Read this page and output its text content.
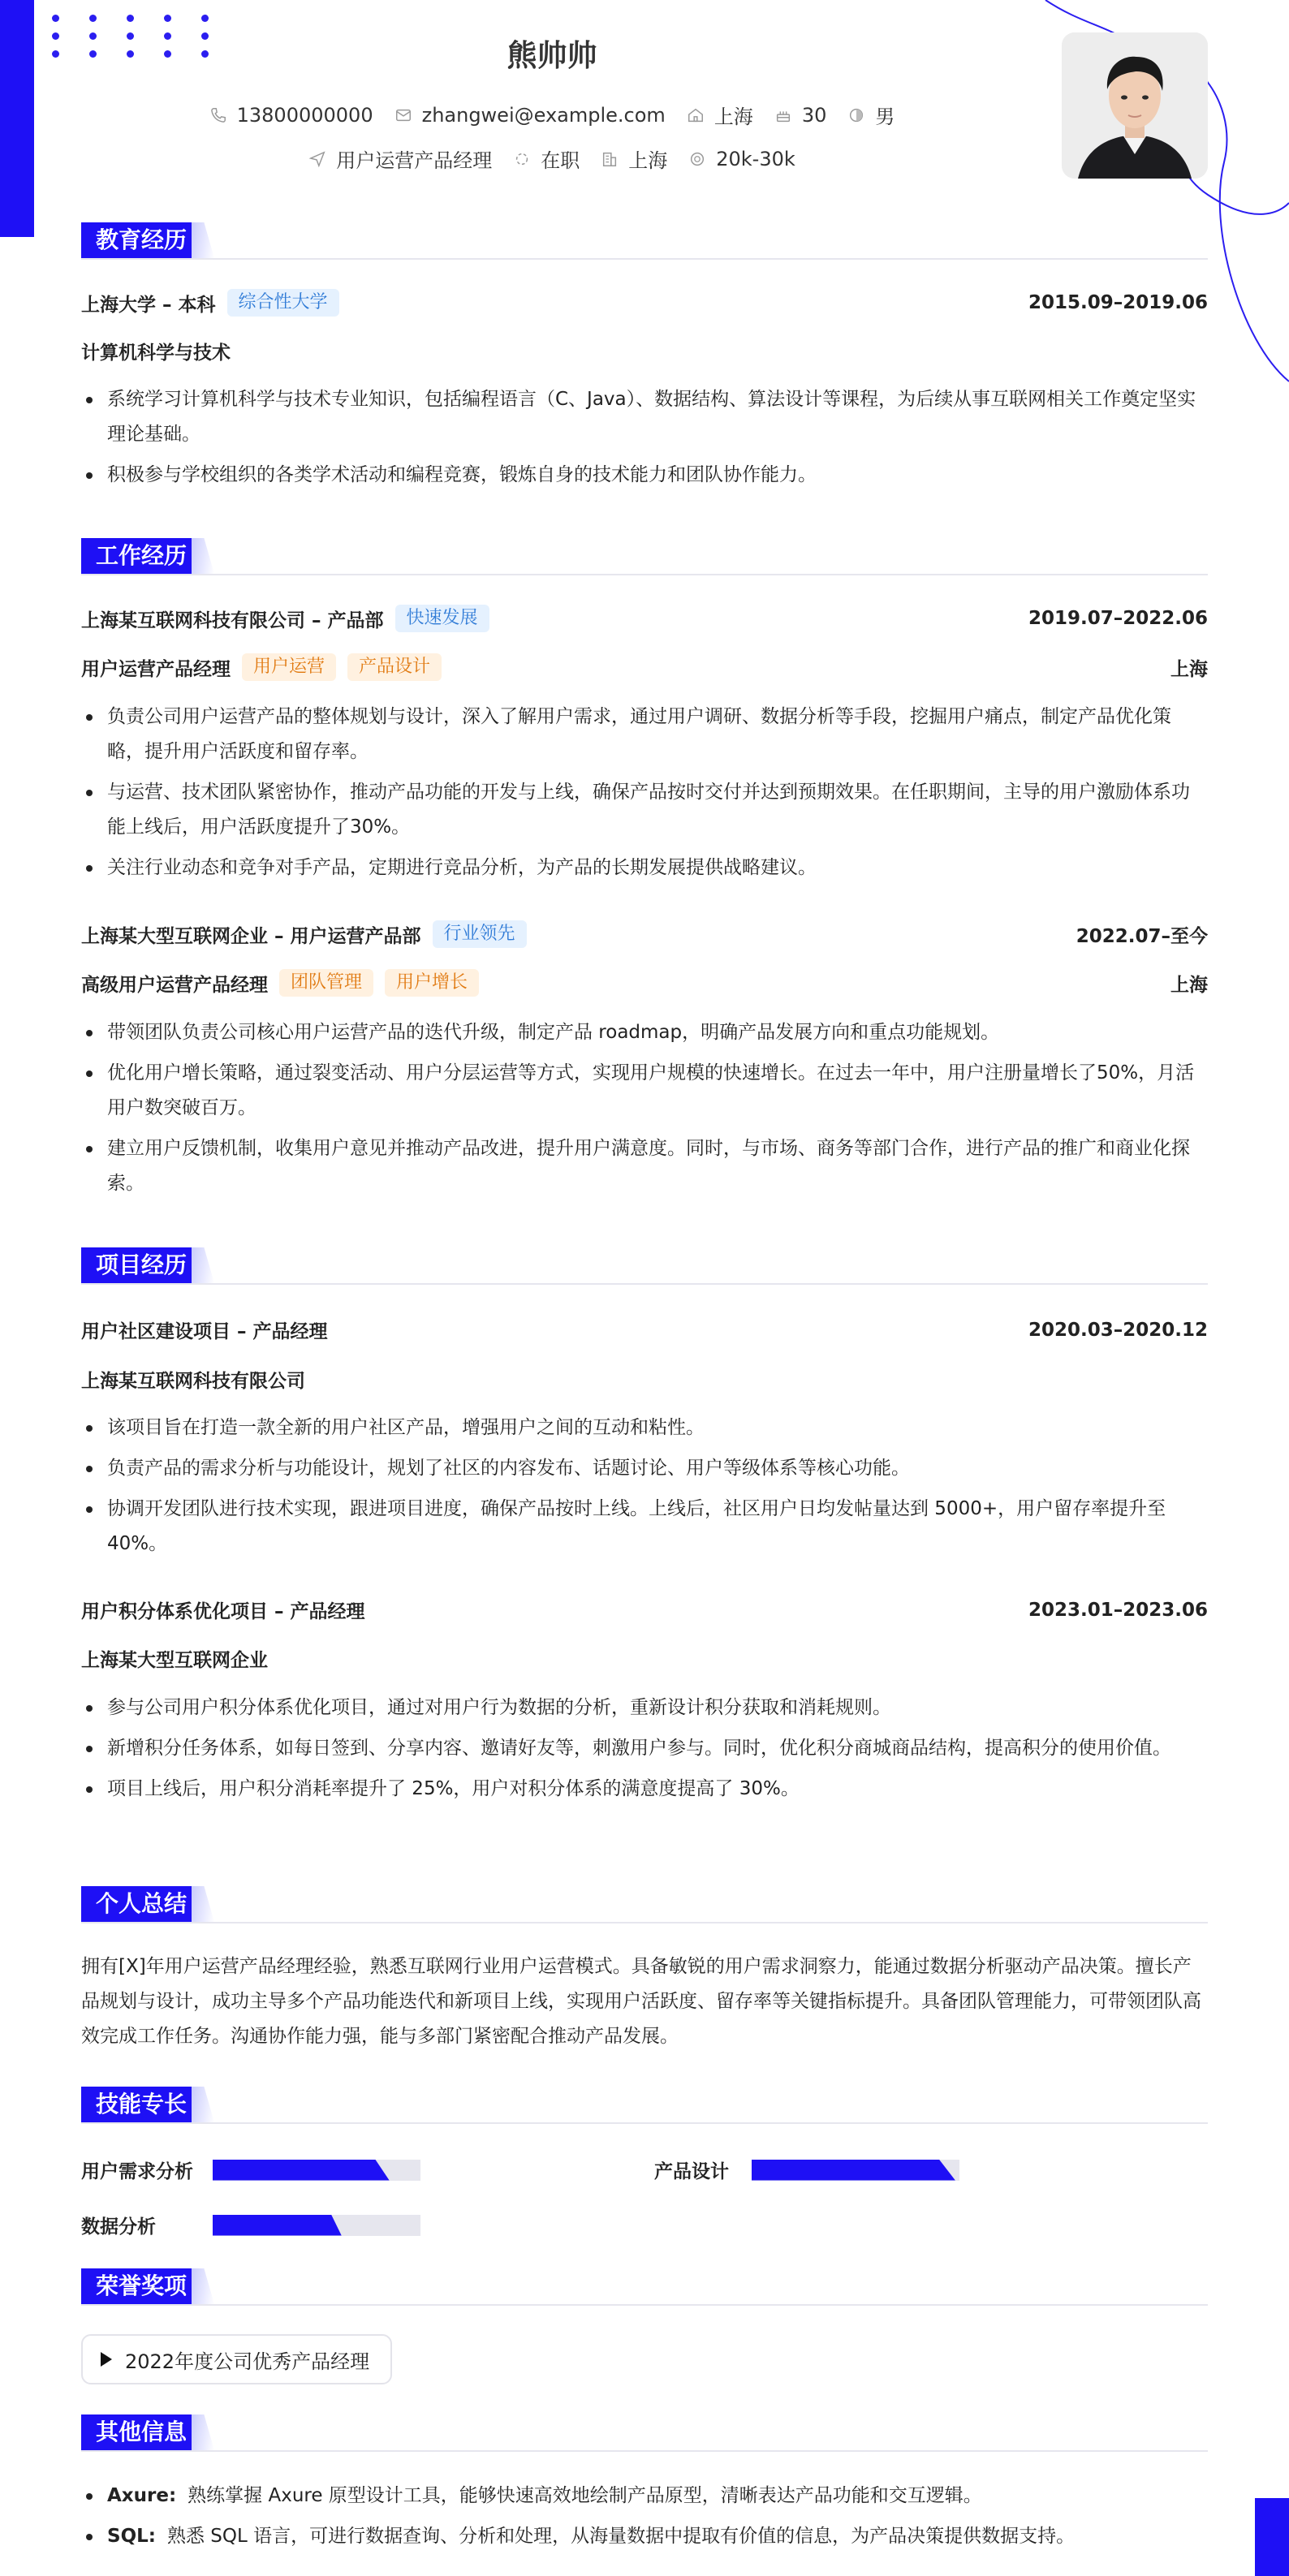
熊帅帅
13800000000	zhangwei@example.com	上海	30	男
用户运营产品经理	在职	上海	20k-30k
教育经历
上海大学 – 本科	综合性大学	2015.09–2019.06
计算机科学与技术
系统学习计算机科学与技术专业知识，包括编程语言（C、Java）、数据结构、算法设计等课程，为后续从事互联网相关工作奠定坚实理论基础。
积极参与学校组织的各类学术活动和编程竞赛，锻炼自身的技术能力和团队协作能力。
工作经历
上海某互联网科技有限公司 – 产品部	快速发展	2019.07–2022.06
用户运营产品经理	用户运营	产品设计	上海
负责公司用户运营产品的整体规划与设计，深入了解用户需求，通过用户调研、数据分析等手段，挖掘用户痛点，制定产品优化策略，提升用户活跃度和留存率。
与运营、技术团队紧密协作，推动产品功能的开发与上线，确保产品按时交付并达到预期效果。在任职期间，主导的用户激励体系功能上线后，用户活跃度提升了30%。
关注行业动态和竞争对手产品，定期进行竞品分析，为产品的长期发展提供战略建议。
上海某大型互联网企业 – 用户运营产品部	行业领先	2022.07–至今
高级用户运营产品经理	团队管理	用户增长	上海
带领团队负责公司核心用户运营产品的迭代升级，制定产品 roadmap，明确产品发展方向和重点功能规划。
优化用户增长策略，通过裂变活动、用户分层运营等方式，实现用户规模的快速增长。在过去一年中，用户注册量增长了50%，月活用户数突破百万。
建立用户反馈机制，收集用户意见并推动产品改进，提升用户满意度。同时，与市场、商务等部门合作，进行产品的推广和商业化探索。
项目经历
用户社区建设项目 – 产品经理	2020.03–2020.12
上海某互联网科技有限公司
该项目旨在打造一款全新的用户社区产品，增强用户之间的互动和粘性。
负责产品的需求分析与功能设计，规划了社区的内容发布、话题讨论、用户等级体系等核心功能。
协调开发团队进行技术实现，跟进项目进度，确保产品按时上线。上线后，社区用户日均发帖量达到 5000+，用户留存率提升至40%。
用户积分体系优化项目 – 产品经理	2023.01–2023.06
上海某大型互联网企业
参与公司用户积分体系优化项目，通过对用户行为数据的分析，重新设计积分获取和消耗规则。
新增积分任务体系，如每日签到、分享内容、邀请好友等，刺激用户参与。同时，优化积分商城商品结构，提高积分的使用价值。
项目上线后，用户积分消耗率提升了 25%，用户对积分体系的满意度提高了 30%。
个人总结

拥有[X]年用户运营产品经理经验，熟悉互联网行业用户运营模式。具备敏锐的用户需求洞察力，能通过数据分析驱动产品决策。擅长产品规划与设计，成功主导多个产品功能迭代和新项目上线，实现用户活跃度、留存率等关键指标提升。具备团队管理能力，可带领团队高效完成工作任务。沟通协作能力强，能与多部门紧密配合推动产品发展。

技能专长
用户需求分析	产品设计
数据分析
荣誉奖项
2022年度公司优秀产品经理
其他信息
Axure: 熟练掌握 Axure 原型设计工具，能够快速高效地绘制产品原型，清晰表达产品功能和交互逻辑。
SQL: 熟悉 SQL 语言，可进行数据查询、分析和处理，从海量数据中提取有价值的信息，为产品决策提供数据支持。
